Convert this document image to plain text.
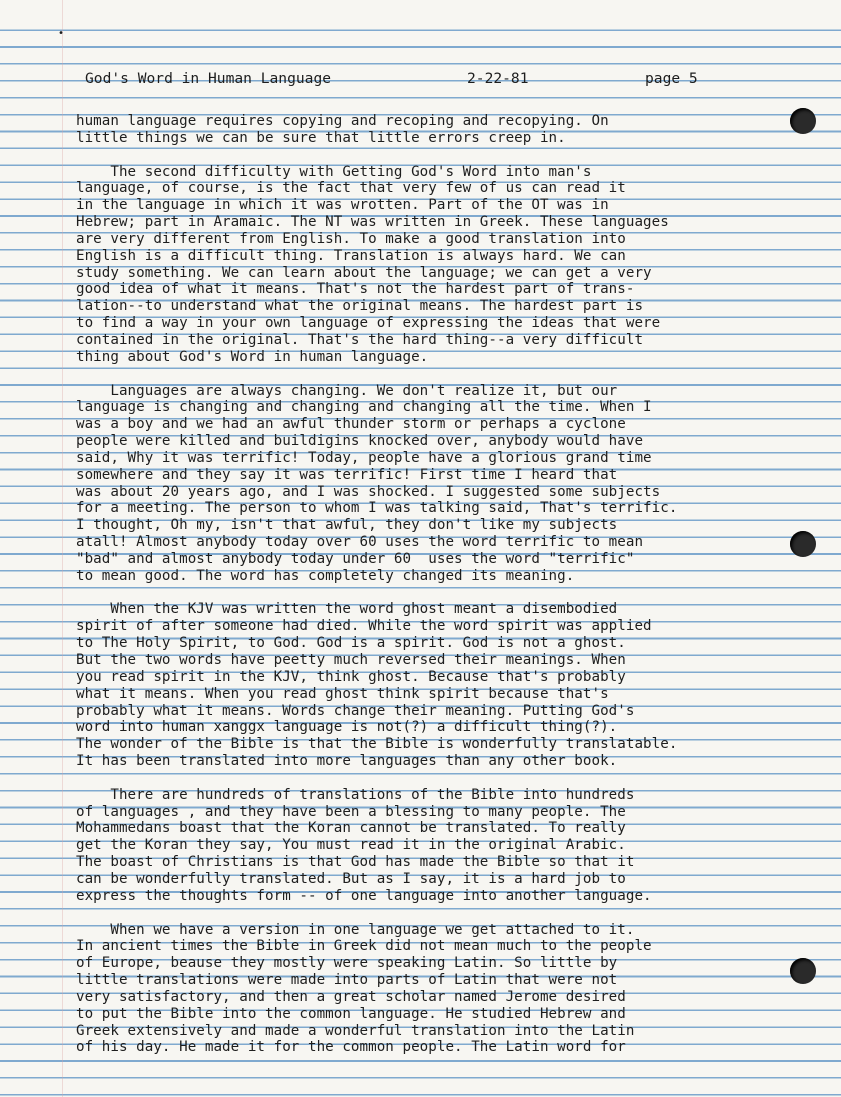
•
God's Word in Human Language	2-22-81	page 5
human language requires copying and recoping and recopying. On
little things we can be sure that little errors creep in.
The second difficulty with Getting God's Word into man's
language, of course, is the fact that very few of us can read it
in the language in which it was wrotten. Part of the OT was in
Hebrew; part in Aramaic. The NT was written in Greek. These languages
are very different from English. To make a good translation into
English is a difficult thing. Translation is always hard. We can
study something. We can learn about the language; we can get a very
good idea of what it means. That's not the hardest part of trans-
lation--to understand what the original means. The hardest part is
to find a way in your own language of expressing the ideas that were
contained in the original. That's the hard thing--a very difficult
thing about God's Word in human language.
Languages are always changing. We don't realize it, but our
language is changing and changing and changing all the time. When I
was a boy and we had an awful thunder storm or perhaps a cyclone
people were killed and buildigins knocked over, anybody would have
said, Why it was terrific! Today, people have a glorious grand time
somewhere and they say it was terrific! First time I heard that
was about 20 years ago, and I was shocked. I suggested some subjects
for a meeting. The person to whom I was talking said, That's terrific.
I thought, Oh my, isn't that awful, they don't like my subjects
atall! Almost anybody today over 60 uses the word terrific to mean
"bad" and almost anybody today under 60  uses the word "terrific"
to mean good. The word has completely changed its meaning.
When the KJV was written the word ghost meant a disembodied
spirit of after someone had died. While the word spirit was applied
to The Holy Spirit, to God. God is a spirit. God is not a ghost.
But the two words have peetty much reversed their meanings. When
you read spirit in the KJV, think ghost. Because that's probably
what it means. When you read ghost think spirit because that's
probably what it means. Words change their meaning. Putting God's
word into human xanggx language is not(?) a difficult thing(?).
The wonder of the Bible is that the Bible is wonderfully translatable.
It has been translated into more languages than any other book.
There are hundreds of translations of the Bible into hundreds
of languages , and they have been a blessing to many people. The
Mohammedans boast that the Koran cannot be translated. To really
get the Koran they say, You must read it in the original Arabic.
The boast of Christians is that God has made the Bible so that it
can be wonderfully translated. But as I say, it is a hard job to
express the thoughts form -- of one language into another language.
When we have a version in one language we get attached to it.
In ancient times the Bible in Greek did not mean much to the people
of Europe, beause they mostly were speaking Latin. So little by
little translations were made into parts of Latin that were not
very satisfactory, and then a great scholar named Jerome desired
to put the Bible into the common language. He studied Hebrew and
Greek extensively and made a wonderful translation into the Latin
of his day. He made it for the common people. The Latin word for
